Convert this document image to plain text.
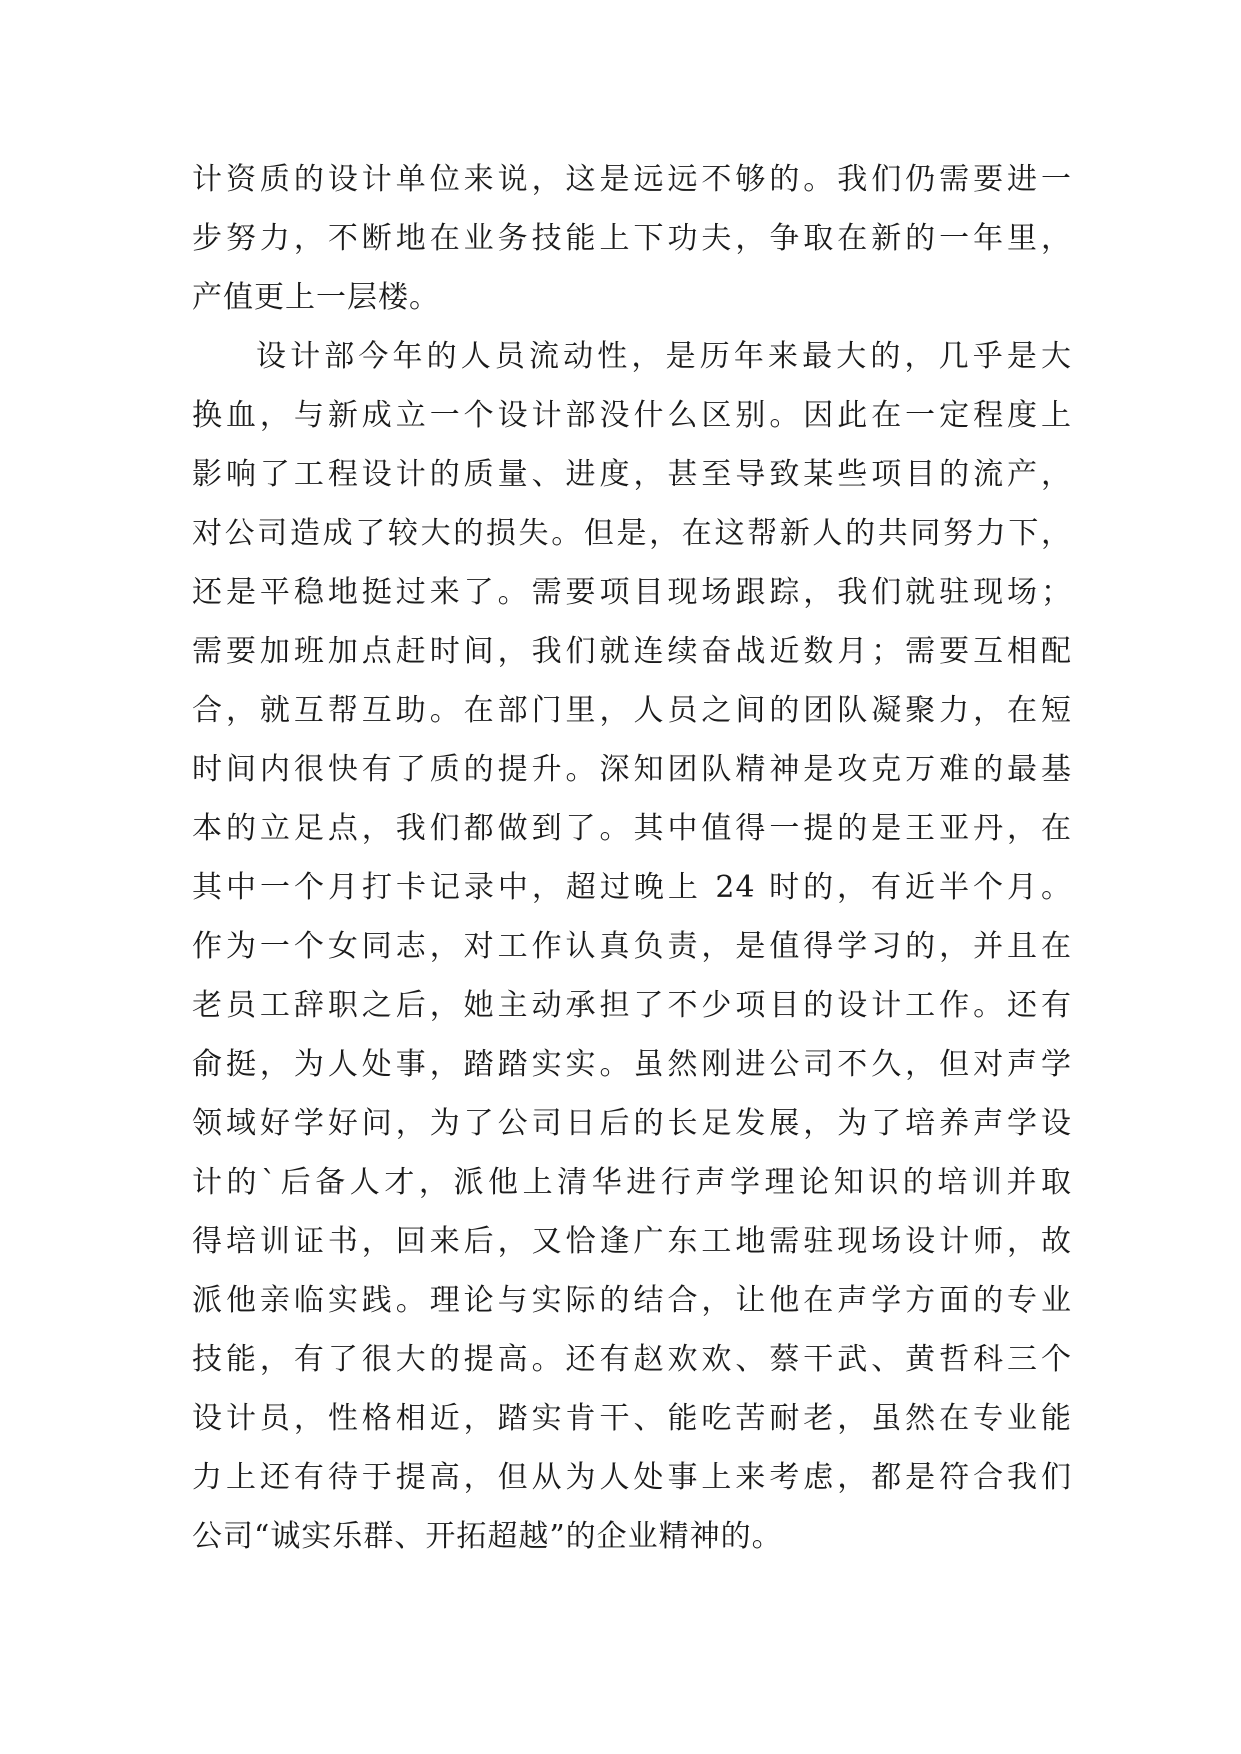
计资质的设计单位来说，这是远远不够的。我们仍需要进一
步努力，不断地在业务技能上下功夫，争取在新的一年里，
产值更上一层楼。
设计部今年的人员流动性，是历年来最大的，几乎是大
换血，与新成立一个设计部没什么区别。因此在一定程度上
影响了工程设计的质量、进度，甚至导致某些项目的流产，
对公司造成了较大的损失。但是，在这帮新人的共同努力下，
还是平稳地挺过来了。需要项目现场跟踪，我们就驻现场；
需要加班加点赶时间，我们就连续奋战近数月；需要互相配
合，就互帮互助。在部门里，人员之间的团队凝聚力，在短
时间内很快有了质的提升。深知团队精神是攻克万难的最基
本的立足点，我们都做到了。其中值得一提的是王亚丹，在
其中一个月打卡记录中，超过晚上 24 时的，有近半个月。
作为一个女同志，对工作认真负责，是值得学习的，并且在
老员工辞职之后，她主动承担了不少项目的设计工作。还有
俞挺，为人处事，踏踏实实。虽然刚进公司不久，但对声学
领域好学好问，为了公司日后的长足发展，为了培养声学设
计的`后备人才，派他上清华进行声学理论知识的培训并取
得培训证书，回来后，又恰逢广东工地需驻现场设计师，故
派他亲临实践。理论与实际的结合，让他在声学方面的专业
技能，有了很大的提高。还有赵欢欢、蔡干武、黄哲科三个
设计员，性格相近，踏实肯干、能吃苦耐老，虽然在专业能
力上还有待于提高，但从为人处事上来考虑，都是符合我们
公司“诚实乐群、开拓超越”的企业精神的。
